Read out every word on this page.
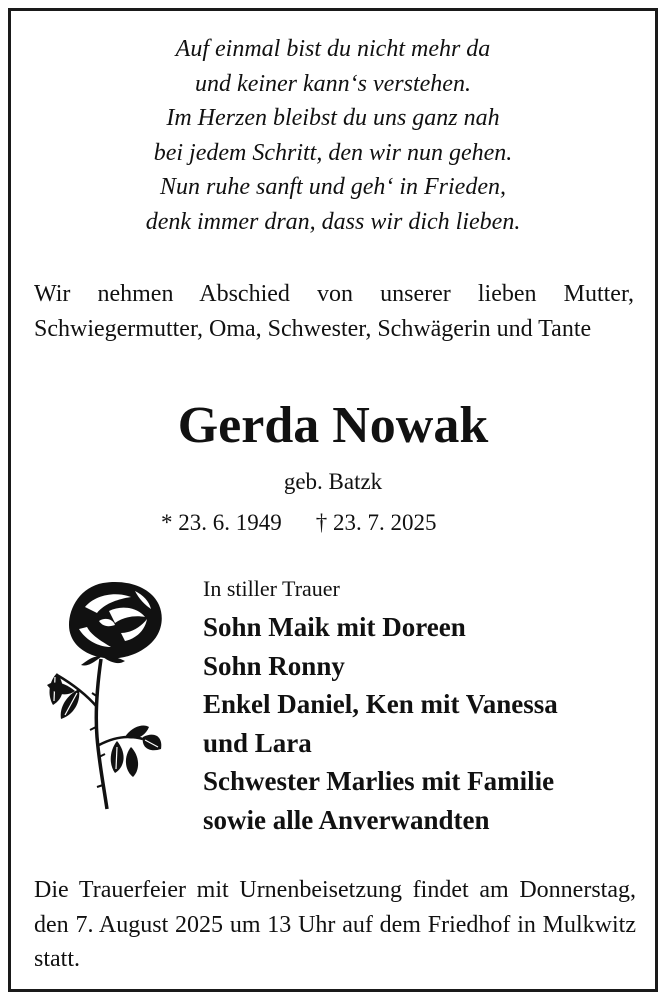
Auf einmal bist du nicht mehr da
und keiner kann‘s verstehen.
Im Herzen bleibst du uns ganz nah
bei jedem Schritt, den wir nun gehen.
Nun ruhe sanft und geh‘ in Frieden,
denk immer dran, dass wir dich lieben.
Wir nehmen Abschied von unserer lieben Mutter, Schwiegermutter, Oma, Schwester, Schwägerin und Tante
Gerda Nowak
geb. Batzk
* 23. 6. 1949 † 23. 7. 2025
In stiller Trauer
Sohn Maik mit Doreen
Sohn Ronny
Enkel Daniel, Ken mit Vanessa
und Lara
Schwester Marlies mit Familie
sowie alle Anverwandten
Die Trauerfeier mit Urnenbeisetzung findet am Donnerstag, den 7. August 2025 um 13 Uhr auf dem Friedhof in Mulkwitz statt.
